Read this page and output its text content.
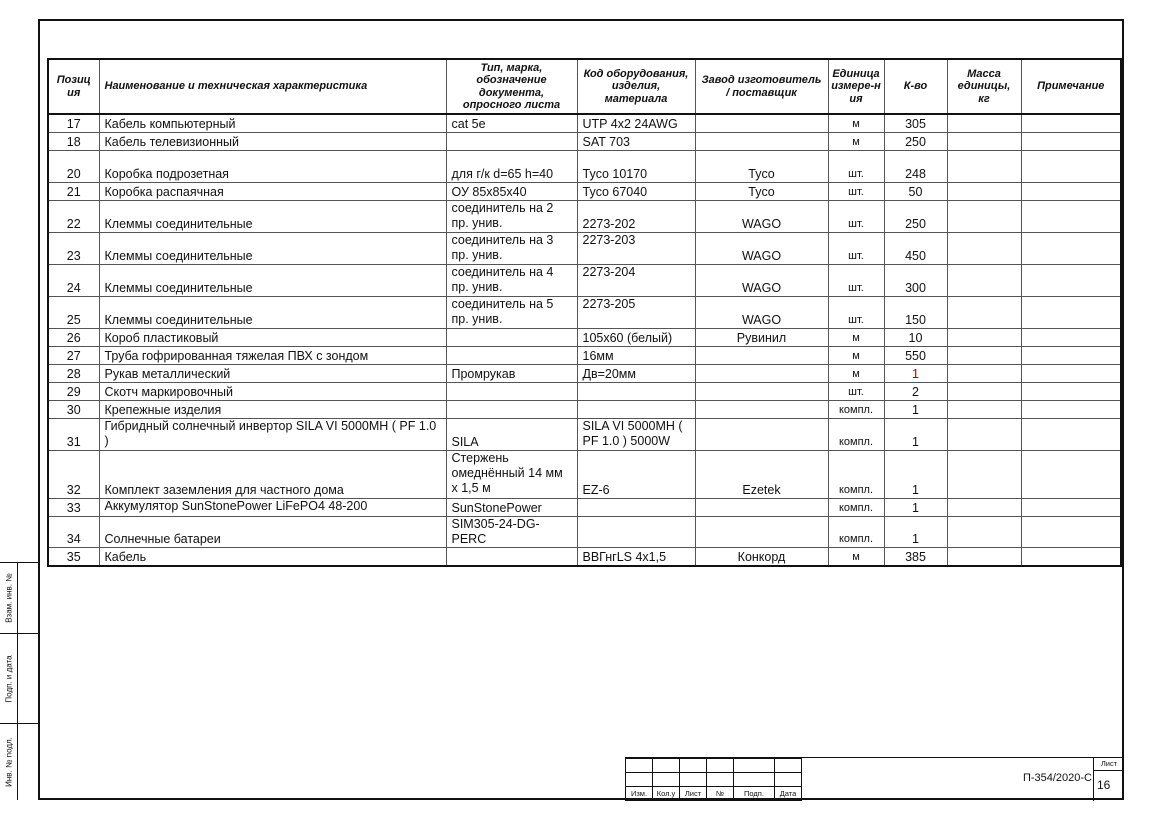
Позиция	Наименование и техническая характеристика	Тип, марка, обозначение документа, опросного листа	Код оборудования, изделия, материала	Завод изготовитель / поставщик	Единица измере-ния	К-во	Масса единицы, кг	Примечание
17	Кабель компьютерный	cat 5e	UTP 4x2 24AWG		м	305		
18	Кабель телевизионный		SAT 703		м	250		
20	Коробка подрозетная	для г/к d=65 h=40	Tyco 10170	Tyco	шт.	248		
21	Коробка распаячная	ОУ 85х85х40	Tyco 67040	Tyco	шт.	50		
22	Клеммы соединительные	соединитель на 2 пр. унив.	2273-202	WAGO	шт.	250		
23	Клеммы соединительные	соединитель на 3 пр. унив.	2273-203	WAGO	шт.	450		
24	Клеммы соединительные	соединитель на 4 пр. унив.	2273-204	WAGO	шт.	300		
25	Клеммы соединительные	соединитель на 5 пр. унив.	2273-205	WAGO	шт.	150		
26	Короб пластиковый		105х60 (белый)	Рувинил	м	10		
27	Труба гофрированная тяжелая ПВХ с зондом		16мм		м	550		
28	Рукав металлический	Промрукав	Дв=20мм		м	1		
29	Скотч маркировочный				шт.	2		
30	Крепежные изделия				компл.	1		
31	Гибридный солнечный инвертор SILA VI 5000MH ( PF 1.0 )	SILA	SILA VI 5000MH ( PF 1.0 ) 5000W		компл.	1		
32	Комплект заземления для частного дома	Стержень омеднённый 14 мм х 1,5 м	EZ-6	Ezetek	компл.	1		
33	Аккумулятор SunStonePower LiFePO4 48-200	SunStonePower			компл.	1		
34	Солнечные батареи	SIM305-24-DG-PERC			компл.	1		
35	Кабель		ВВГнгLS 4х1,5	Конкорд	м	385		
Взам. инв. №
Подп. и дата
Инв. № подл.

Изм.	Кол.у	Лист	№	Подп.	Дата
П-354/2020-С
Лист
16
